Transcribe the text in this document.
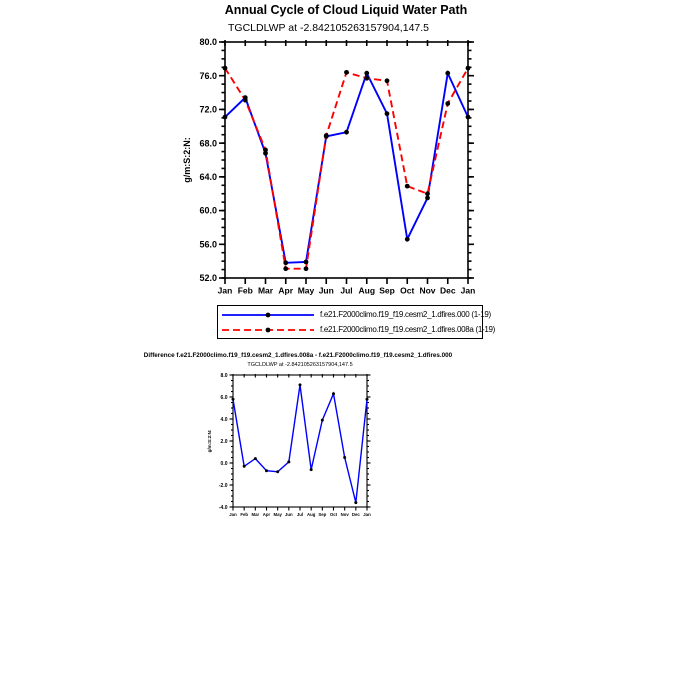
Annual Cycle of Cloud Liquid Water Path
TGCLDLWP at -2.842105263157904,147.5
52.0
56.0
60.0
64.0
68.0
72.0
76.0
80.0
Jan Feb Mar Apr May Jun Jul Aug Sep Oct Nov Dec Jan
g/m:S:2:N:
f.e21.F2000climo.f19_f19.cesm2_1.dfires.000 (1-19)
f.e21.F2000climo.f19_f19.cesm2_1.dfires.008a (1-19)
Difference f.e21.F2000climo.f19_f19.cesm2_1.dfires.008a - f.e21.F2000climo.f19_f19.cesm2_1.dfires.000
TGCLDLWP at -2.842105263157904,147.5
-4.0
-2.0
0.0
2.0
4.0
6.0
8.0
Jan Feb Mar Apr May Jun Jul Aug Sep Oct Nov Dec Jan
g/m:S:2:N:
